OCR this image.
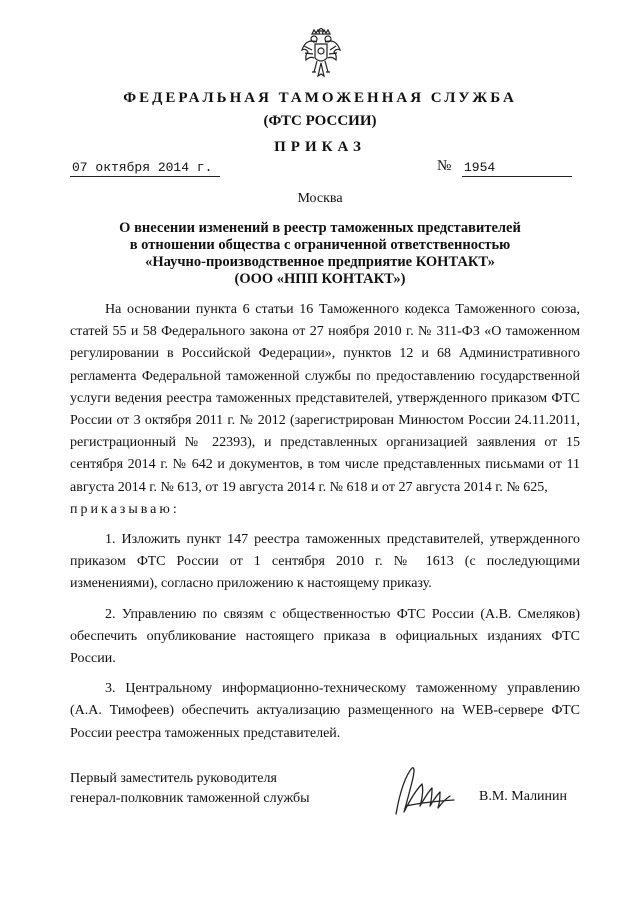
ФЕДЕРАЛЬНАЯ ТАМОЖЕННАЯ СЛУЖБА
(ФТС РОССИИ)
ПРИКАЗ
07 октября 2014 г.	№ 1954
Москва
О внесении изменений в реестр таможенных представителей
в отношении общества с ограниченной ответственностью
«Научно-производственное предприятие КОНТАКТ»
(ООО «НПП КОНТАКТ»)

На основании пункта 6 статьи 16 Таможенного кодекса Таможенного союза, статей 55 и 58 Федерального закона от 27 ноября 2010 г. № 311-ФЗ «О таможенном регулировании в Российской Федерации», пунктов 12 и 68 Административного регламента Федеральной таможенной службы по предоставлению государственной услуги ведения реестра таможенных представителей, утвержденного приказом ФТС России от 3 октября 2011 г. № 2012 (зарегистрирован Минюстом России 24.11.2011, регистрационный № 22393), и представленных организацией заявления от 15 сентября 2014 г. № 642 и документов, в том числе представленных письмами от 11 августа 2014 г. № 613, от 19 августа 2014 г. № 618 и от 27 августа 2014 г. № 625,

приказываю:

1. Изложить пункт 147 реестра таможенных представителей, утвержденного приказом ФТС России от 1 сентября 2010 г. № 1613 (с последующими изменениями), согласно приложению к настоящему приказу.

2. Управлению по связям с общественностью ФТС России (А.В. Смеляков) обеспечить опубликование настоящего приказа в официальных изданиях ФТС России.

3. Центральному информационно-техническому таможенному управлению (А.А. Тимофеев) обеспечить актуализацию размещенного на WEB-сервере ФТС России реестра таможенных представителей.

Первый заместитель руководителя
генерал-полковник таможенной службы	В.М. Малинин
